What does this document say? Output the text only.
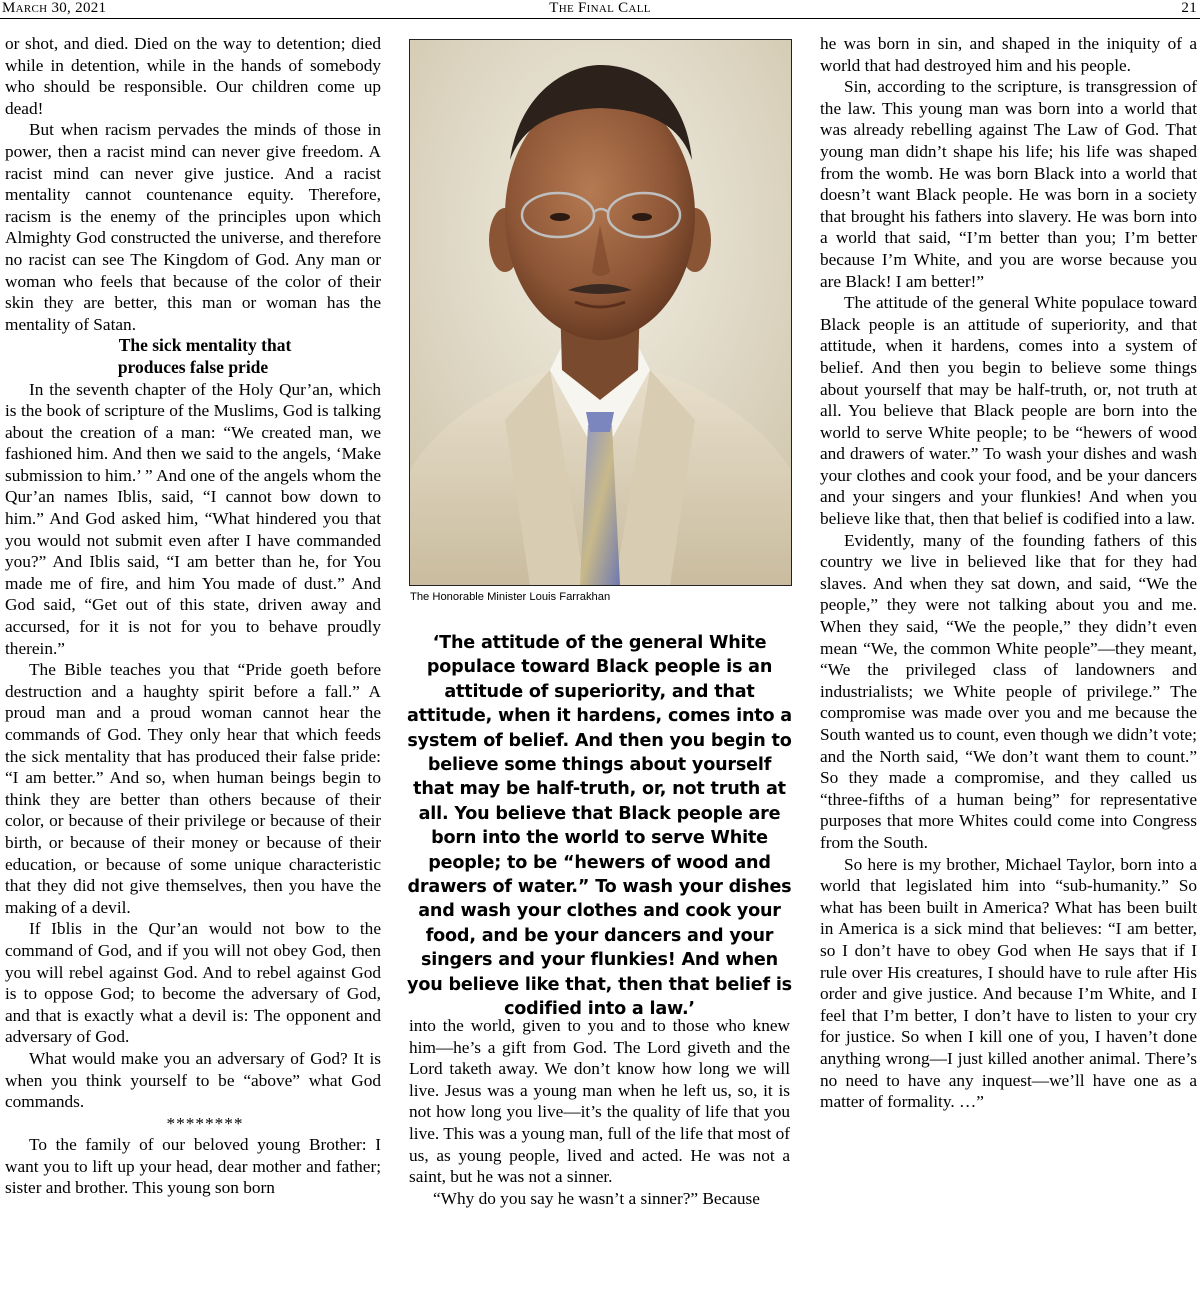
March 30, 2021	The Final Call	21

or shot, and died. Died on the way to detention; died while in detention, while in the hands of somebody who should be responsible. Our children come up dead!

But when racism pervades the minds of those in power, then a racist mind can never give freedom. A racist mind can never give justice. And a racist mentality cannot countenance equity. Therefore, racism is the enemy of the principles upon which Almighty God constructed the universe, and therefore no racist can see The Kingdom of God. Any man or woman who feels that because of the color of their skin they are better, this man or woman has the mentality of Satan.

The sick mentality that
produces false pride

In the seventh chapter of the Holy Qur’an, which is the book of scripture of the Muslims, God is talking about the creation of a man: “We created man, we fashioned him. And then we said to the angels, ‘Make submission to him.’ ” And one of the angels whom the Qur’an names Iblis, said, “I cannot bow down to him.” And God asked him, “What hindered you that you would not submit even after I have commanded you?” And Iblis said, “I am better than he, for You made me of fire, and him You made of dust.” And God said, “Get out of this state, driven away and accursed, for it is not for you to behave proudly therein.”

The Bible teaches you that “Pride goeth before destruction and a haughty spirit before a fall.” A proud man and a proud woman cannot hear the commands of God. They only hear that which feeds the sick mentality that has produced their false pride: “I am better.” And so, when human beings begin to think they are better than others because of their color, or because of their privilege or because of their birth, or because of their money or because of their education, or because of some unique characteristic that they did not give themselves, then you have the making of a devil.

If Iblis in the Qur’an would not bow to the command of God, and if you will not obey God, then you will rebel against God. And to rebel against God is to oppose God; to become the adversary of God, and that is exactly what a devil is: The opponent and adversary of God.

What would make you an adversary of God? It is when you think yourself to be “above” what God commands.

********

To the family of our beloved young Brother: I want you to lift up your head, dear mother and father; sister and brother. This young son born

The Honorable Minister Louis Farrakhan
‘The attitude of the general White populace toward Black people is an attitude of superiority, and that attitude, when it hardens, comes into a system of belief. And then you begin to believe some things about yourself that may be half-truth, or, not truth at all. You believe that Black people are born into the world to serve White people; to be “hewers of wood and drawers of water.” To wash your dishes and wash your clothes and cook your food, and be your dancers and your singers and your flunkies! And when you believe like that, then that belief is codified into a law.’

into the world, given to you and to those who knew him—he’s a gift from God. The Lord giveth and the Lord taketh away. We don’t know how long we will live. Jesus was a young man when he left us, so, it is not how long you live—it’s the quality of life that you live. This was a young man, full of the life that most of us, as young people, lived and acted. He was not a saint, but he was not a sinner.

“Why do you say he wasn’t a sinner?” Because

he was born in sin, and shaped in the iniquity of a world that had destroyed him and his people.

Sin, according to the scripture, is transgression of the law. This young man was born into a world that was already rebelling against The Law of God. That young man didn’t shape his life; his life was shaped from the womb. He was born Black into a world that doesn’t want Black people. He was born in a society that brought his fathers into slavery. He was born into a world that said, “I’m better than you; I’m better because I’m White, and you are worse because you are Black! I am better!”

The attitude of the general White populace toward Black people is an attitude of superiority, and that attitude, when it hardens, comes into a system of belief. And then you begin to believe some things about yourself that may be half-truth, or, not truth at all. You believe that Black people are born into the world to serve White people; to be “hewers of wood and drawers of water.” To wash your dishes and wash your clothes and cook your food, and be your dancers and your singers and your flunkies! And when you believe like that, then that belief is codified into a law.

Evidently, many of the founding fathers of this country we live in believed like that for they had slaves. And when they sat down, and said, “We the people,” they were not talking about you and me. When they said, “We the people,” they didn’t even mean “We, the common White people”—they meant, “We the privileged class of landowners and industrialists; we White people of privilege.” The compromise was made over you and me because the South wanted us to count, even though we didn’t vote; and the North said, “We don’t want them to count.” So they made a compromise, and they called us “three-fifths of a human being” for representative purposes that more Whites could come into Congress from the South.

So here is my brother, Michael Taylor, born into a world that legislated him into “sub-humanity.” So what has been built in America? What has been built in America is a sick mind that believes: “I am better, so I don’t have to obey God when He says that if I rule over His creatures, I should have to rule after His order and give justice. And because I’m White, and I feel that I’m better, I don’t have to listen to your cry for justice. So when I kill one of you, I haven’t done anything wrong—I just killed another animal. There’s no need to have any inquest—we’ll have one as a matter of formality. …”
